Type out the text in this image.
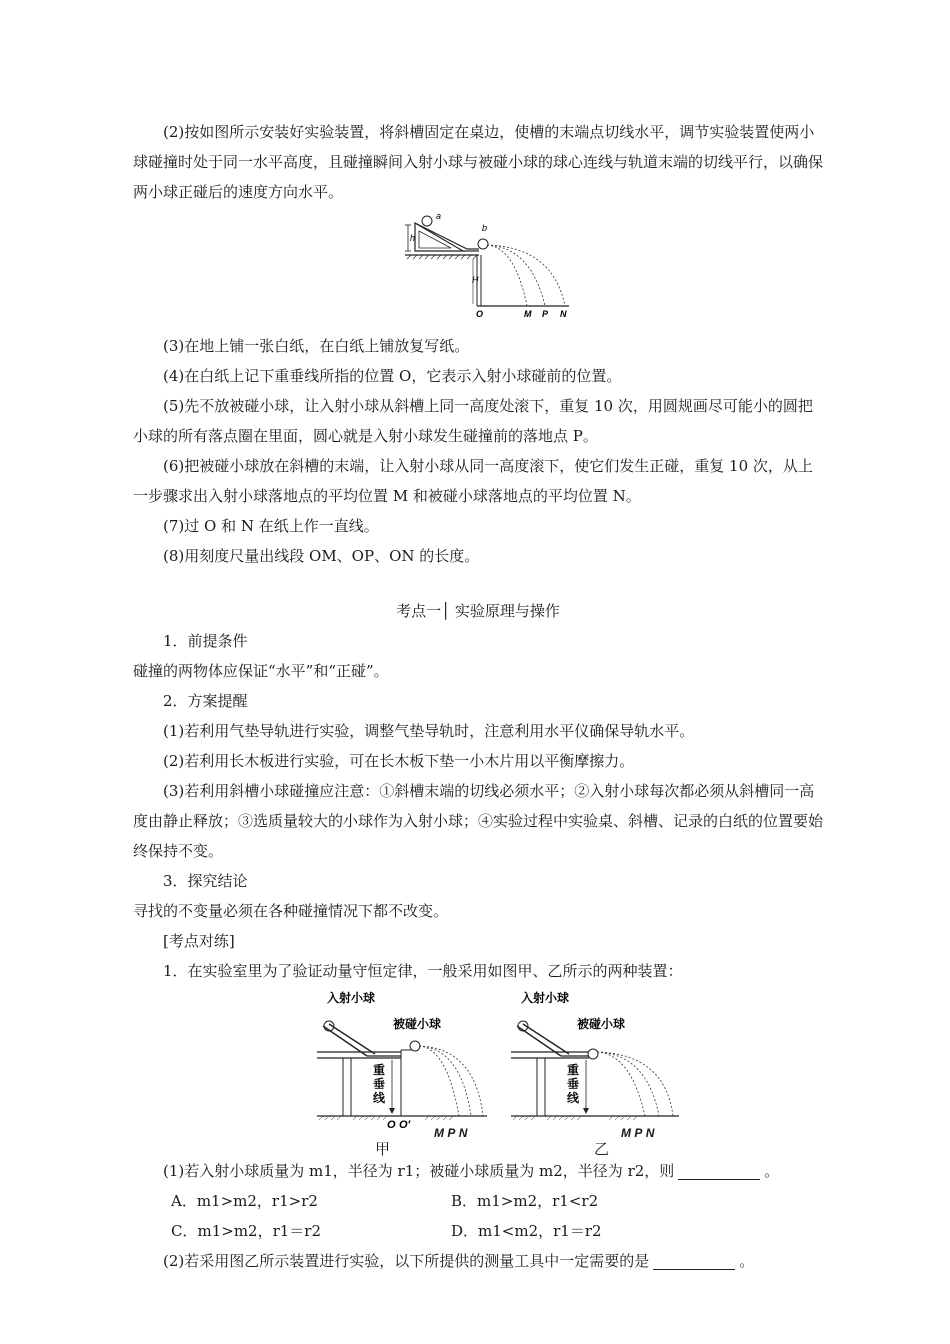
(2)按如图所示安装好实验装置，将斜槽固定在桌边，使槽的末端点切线水平，调节实验装置使两小球碰撞时处于同一水平高度，且碰撞瞬间入射小球与被碰小球的球心连线与轨道末端的切线平行，以确保两小球正碰后的速度方向水平。

a
h
b
H
O	M P N

(3)在地上铺一张白纸，在白纸上铺放复写纸。

(4)在白纸上记下重垂线所指的位置 O，它表示入射小球碰前的位置。

(5)先不放被碰小球，让入射小球从斜槽上同一高度处滚下，重复 10 次，用圆规画尽可能小的圆把小球的所有落点圈在里面，圆心就是入射小球发生碰撞前的落地点 P。

(6)把被碰小球放在斜槽的末端，让入射小球从同一高度滚下，使它们发生正碰，重复 10 次，从上一步骤求出入射小球落地点的平均位置 M 和被碰小球落地点的平均位置 N。

(7)过 O 和 N 在纸上作一直线。

(8)用刻度尺量出线段 OM、OP、ON 的长度。

考点一│ 实验原理与操作

1．前提条件

碰撞的两物体应保证“水平”和“正碰”。

2．方案提醒

(1)若利用气垫导轨进行实验，调整气垫导轨时，注意利用水平仪确保导轨水平。

(2)若利用长木板进行实验，可在长木板下垫一小木片用以平衡摩擦力。

(3)若利用斜槽小球碰撞应注意：①斜槽末端的切线必须水平；②入射小球每次都必须从斜槽同一高度由静止释放；③选质量较大的小球作为入射小球；④实验过程中实验桌、斜槽、记录的白纸的位置要始终保持不变。

3．探究结论

寻找的不变量必须在各种碰撞情况下都不改变。

[考点对练]

1．在实验室里为了验证动量守恒定律，一般采用如图甲、乙所示的两种装置：

入射小球
被碰小球
重
垂
线
O O′
M P N
甲
入射小球
被碰小球
重
垂
线
M P N
乙

(1)若入射小球质量为 m1，半径为 r1；被碰小球质量为 m2，半径为 r2，则	。

A．m1>m2，r1>r2	B．m1>m2，r1<r2
C．m1>m2，r1＝r2	D．m1<m2，r1＝r2

(2)若采用图乙所示装置进行实验，以下所提供的测量工具中一定需要的是	。
